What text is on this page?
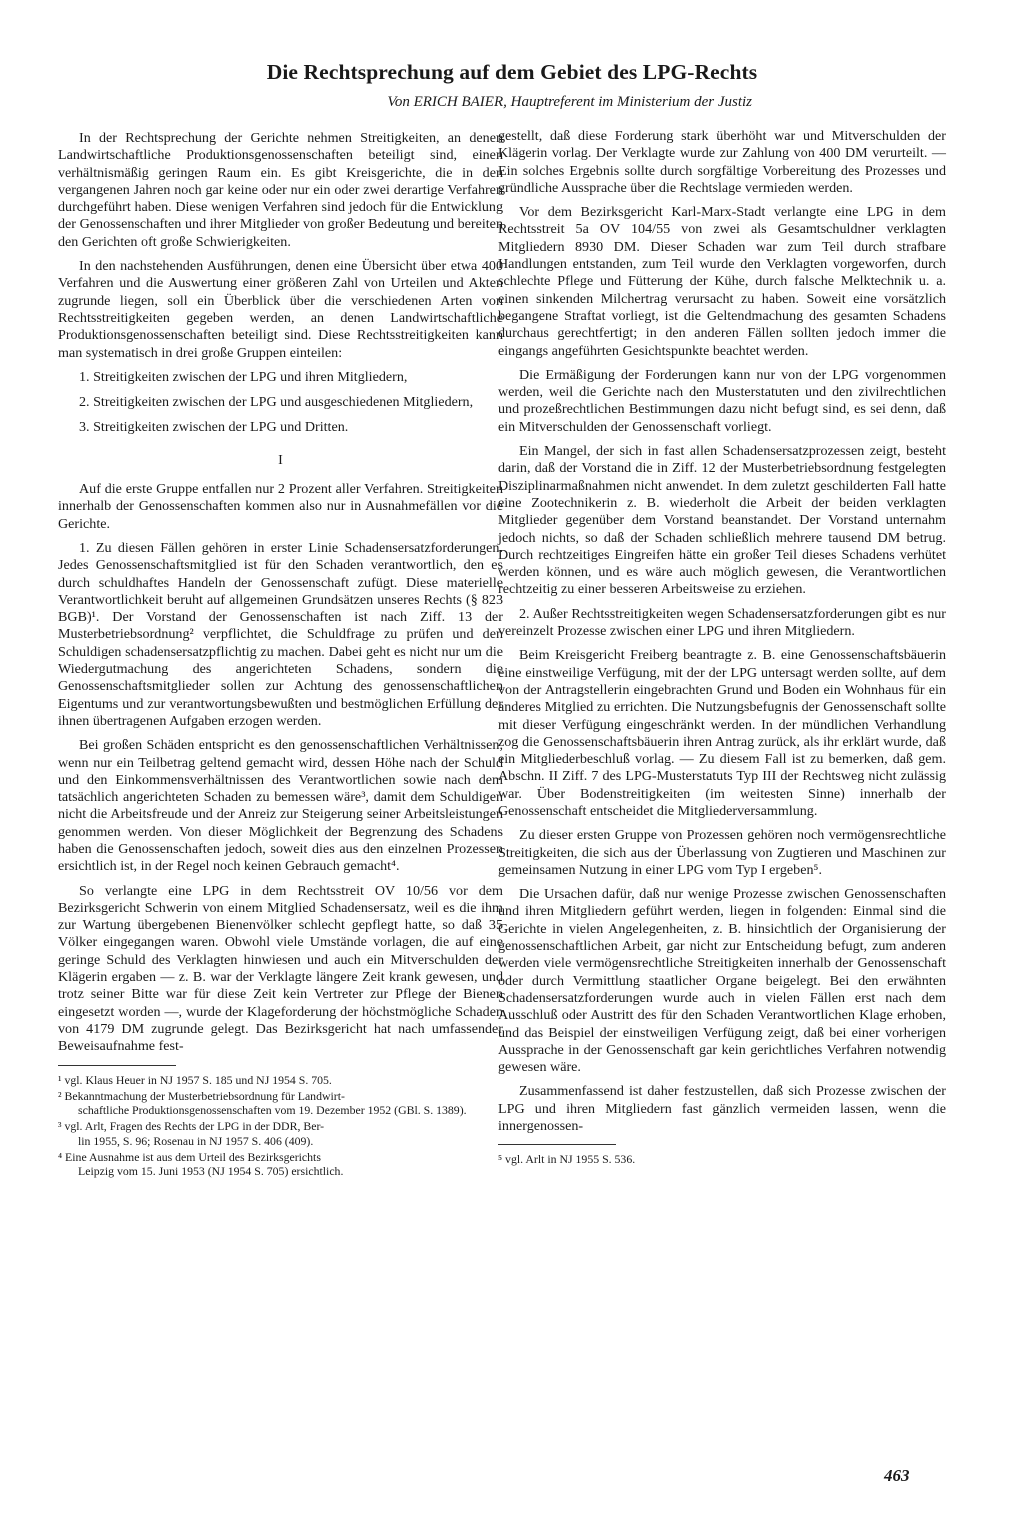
Die Rechtsprechung auf dem Gebiet des LPG-Rechts
Von ERICH BAIER, Hauptreferent im Ministerium der Justiz

In der Rechtsprechung der Gerichte nehmen Streitigkeiten, an denen Landwirtschaftliche Produktionsgenossenschaften beteiligt sind, einen verhältnismäßig geringen Raum ein. Es gibt Kreisgerichte, die in den vergangenen Jahren noch gar keine oder nur ein oder zwei derartige Verfahren durchgeführt haben. Diese wenigen Verfahren sind jedoch für die Entwicklung der Genossenschaften und ihrer Mitglieder von großer Bedeutung und bereiten den Gerichten oft große Schwierigkeiten.

In den nachstehenden Ausführungen, denen eine Übersicht über etwa 400 Verfahren und die Auswertung einer größeren Zahl von Urteilen und Akten zugrunde liegen, soll ein Überblick über die verschiedenen Arten von Rechtsstreitigkeiten gegeben werden, an denen Landwirtschaftliche Produktionsgenossenschaften beteiligt sind. Diese Rechtsstreitigkeiten kann man systematisch in drei große Gruppen einteilen:

1. Streitigkeiten zwischen der LPG und ihren Mitgliedern,

2. Streitigkeiten zwischen der LPG und ausgeschiedenen Mitgliedern,

3. Streitigkeiten zwischen der LPG und Dritten.

I

Auf die erste Gruppe entfallen nur 2 Prozent aller Verfahren. Streitigkeiten innerhalb der Genossenschaften kommen also nur in Ausnahmefällen vor die Gerichte.

1. Zu diesen Fällen gehören in erster Linie Schadensersatzforderungen. Jedes Genossenschaftsmitglied ist für den Schaden verantwortlich, den es durch schuldhaftes Handeln der Genossenschaft zufügt. Diese materielle Verantwortlichkeit beruht auf allgemeinen Grundsätzen unseres Rechts (§ 823 BGB)¹. Der Vorstand der Genossenschaften ist nach Ziff. 13 der Musterbetriebsordnung² verpflichtet, die Schuldfrage zu prüfen und den Schuldigen schadensersatzpflichtig zu machen. Dabei geht es nicht nur um die Wiedergutmachung des angerichteten Schadens, sondern die Genossenschaftsmitglieder sollen zur Achtung des genossenschaftlichen Eigentums und zur verantwortungsbewußten und bestmöglichen Erfüllung der ihnen übertragenen Aufgaben erzogen werden.

Bei großen Schäden entspricht es den genossenschaftlichen Verhältnissen, wenn nur ein Teilbetrag geltend gemacht wird, dessen Höhe nach der Schuld und den Einkommensverhältnissen des Verantwortlichen sowie nach dem tatsächlich angerichteten Schaden zu bemessen wäre³, damit dem Schuldigen nicht die Arbeitsfreude und der Anreiz zur Steigerung seiner Arbeitsleistungen genommen werden. Von dieser Möglichkeit der Begrenzung des Schadens haben die Genossenschaften jedoch, soweit dies aus den einzelnen Prozessen ersichtlich ist, in der Regel noch keinen Gebrauch gemacht⁴.

So verlangte eine LPG in dem Rechtsstreit OV 10/56 vor dem Bezirksgericht Schwerin von einem Mitglied Schadensersatz, weil es die ihm zur Wartung übergebenen Bienenvölker schlecht gepflegt hatte, so daß 35 Völker eingegangen waren. Obwohl viele Umstände vorlagen, die auf eine geringe Schuld des Verklagten hinwiesen und auch ein Mitverschulden der Klägerin ergaben — z. B. war der Verklagte längere Zeit krank gewesen, und trotz seiner Bitte war für diese Zeit kein Vertreter zur Pflege der Bienen eingesetzt worden —, wurde der Klageforderung der höchstmögliche Schaden von 4179 DM zugrunde gelegt. Das Bezirksgericht hat nach umfassender Beweisaufnahme fest-

¹ vgl. Klaus Heuer in NJ 1957 S. 185 und NJ 1954 S. 705.
² Bekanntmachung der Musterbetriebsordnung für Landwirt-
schaftliche Produktionsgenossenschaften vom 19. Dezember 1952 (GBl. S. 1389).
³ vgl. Arlt, Fragen des Rechts der LPG in der DDR, Ber-
lin 1955, S. 96; Rosenau in NJ 1957 S. 406 (409).
⁴ Eine Ausnahme ist aus dem Urteil des Bezirksgerichts
Leipzig vom 15. Juni 1953 (NJ 1954 S. 705) ersichtlich.

gestellt, daß diese Forderung stark überhöht war und Mitverschulden der Klägerin vorlag. Der Verklagte wurde zur Zahlung von 400 DM verurteilt. — Ein solches Ergebnis sollte durch sorgfältige Vorbereitung des Prozesses und gründliche Aussprache über die Rechtslage vermieden werden.

Vor dem Bezirksgericht Karl-Marx-Stadt verlangte eine LPG in dem Rechtsstreit 5a OV 104/55 von zwei als Gesamtschuldner verklagten Mitgliedern 8930 DM. Dieser Schaden war zum Teil durch strafbare Handlungen entstanden, zum Teil wurde den Verklagten vorgeworfen, durch schlechte Pflege und Fütterung der Kühe, durch falsche Melktechnik u. a. einen sinkenden Milchertrag verursacht zu haben. Soweit eine vorsätzlich begangene Straftat vorliegt, ist die Geltendmachung des gesamten Schadens durchaus gerechtfertigt; in den anderen Fällen sollten jedoch immer die eingangs angeführten Gesichtspunkte beachtet werden.

Die Ermäßigung der Forderungen kann nur von der LPG vorgenommen werden, weil die Gerichte nach den Musterstatuten und den zivilrechtlichen und prozeßrechtlichen Bestimmungen dazu nicht befugt sind, es sei denn, daß ein Mitverschulden der Genossenschaft vorliegt.

Ein Mangel, der sich in fast allen Schadensersatzprozessen zeigt, besteht darin, daß der Vorstand die in Ziff. 12 der Musterbetriebsordnung festgelegten Disziplinarmaßnahmen nicht anwendet. In dem zuletzt geschilderten Fall hatte eine Zootechnikerin z. B. wiederholt die Arbeit der beiden verklagten Mitglieder gegenüber dem Vorstand beanstandet. Der Vorstand unternahm jedoch nichts, so daß der Schaden schließlich mehrere tausend DM betrug. Durch rechtzeitiges Eingreifen hätte ein großer Teil dieses Schadens verhütet werden können, und es wäre auch möglich gewesen, die Verantwortlichen rechtzeitig zu einer besseren Arbeitsweise zu erziehen.

2. Außer Rechtsstreitigkeiten wegen Schadensersatzforderungen gibt es nur vereinzelt Prozesse zwischen einer LPG und ihren Mitgliedern.

Beim Kreisgericht Freiberg beantragte z. B. eine Genossenschaftsbäuerin eine einstweilige Verfügung, mit der der LPG untersagt werden sollte, auf dem von der Antragstellerin eingebrachten Grund und Boden ein Wohnhaus für ein anderes Mitglied zu errichten. Die Nutzungsbefugnis der Genossenschaft sollte mit dieser Verfügung eingeschränkt werden. In der mündlichen Verhandlung zog die Genossenschaftsbäuerin ihren Antrag zurück, als ihr erklärt wurde, daß ein Mitgliederbeschluß vorlag. — Zu diesem Fall ist zu bemerken, daß gem. Abschn. II Ziff. 7 des LPG-Musterstatuts Typ III der Rechtsweg nicht zulässig war. Über Bodenstreitigkeiten (im weitesten Sinne) innerhalb der Genossenschaft entscheidet die Mitgliederversammlung.

Zu dieser ersten Gruppe von Prozessen gehören noch vermögensrechtliche Streitigkeiten, die sich aus der Überlassung von Zugtieren und Maschinen zur gemeinsamen Nutzung in einer LPG vom Typ I ergeben⁵.

Die Ursachen dafür, daß nur wenige Prozesse zwischen Genossenschaften und ihren Mitgliedern geführt werden, liegen in folgenden: Einmal sind die Gerichte in vielen Angelegenheiten, z. B. hinsichtlich der Organisierung der genossenschaftlichen Arbeit, gar nicht zur Entscheidung befugt, zum anderen werden viele vermögensrechtliche Streitigkeiten innerhalb der Genossenschaft oder durch Vermittlung staatlicher Organe beigelegt. Bei den erwähnten Schadensersatzforderungen wurde auch in vielen Fällen erst nach dem Ausschluß oder Austritt des für den Schaden Verantwortlichen Klage erhoben, und das Beispiel der einstweiligen Verfügung zeigt, daß bei einer vorherigen Aussprache in der Genossenschaft gar kein gerichtliches Verfahren notwendig gewesen wäre.

Zusammenfassend ist daher festzustellen, daß sich Prozesse zwischen der LPG und ihren Mitgliedern fast gänzlich vermeiden lassen, wenn die innergenossen-

⁵ vgl. Arlt in NJ 1955 S. 536.
463
